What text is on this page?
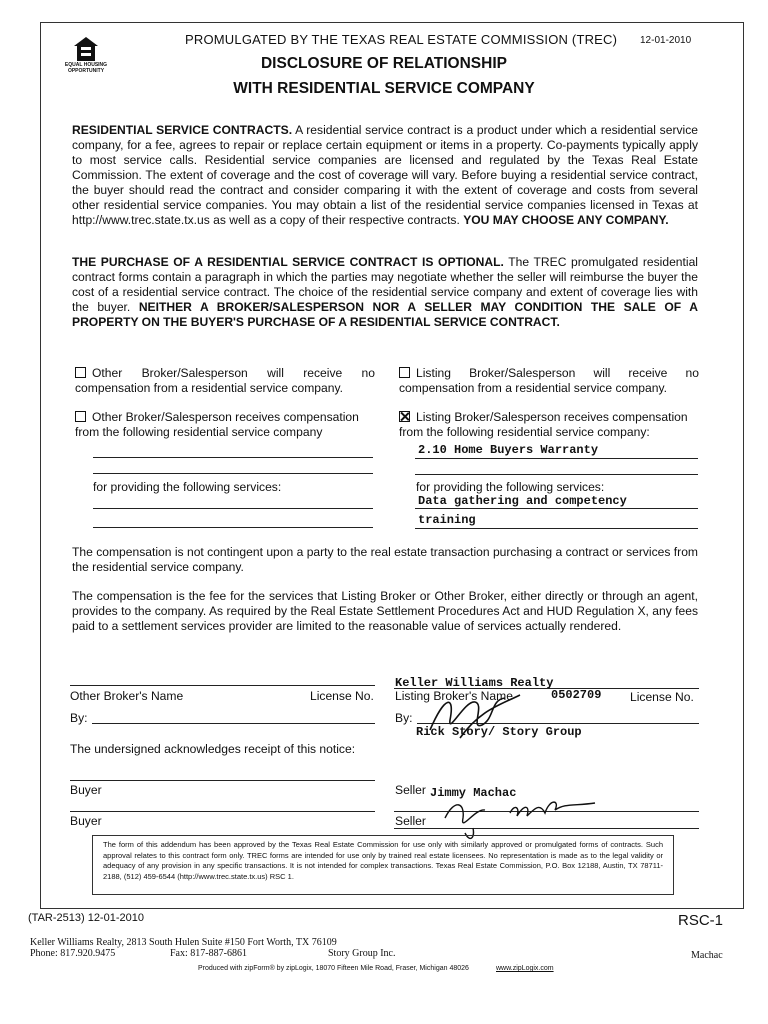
EQUAL HOUSING
OPPORTUNITY
PROMULGATED BY THE TEXAS REAL ESTATE COMMISSION (TREC) 12-01-2010
DISCLOSURE OF RELATIONSHIP
WITH RESIDENTIAL SERVICE COMPANY
RESIDENTIAL SERVICE CONTRACTS. A residential service contract is a product under which a residential service company, for a fee, agrees to repair or replace certain equipment or items in a property. Co-payments typically apply to most service calls. Residential service companies are licensed and regulated by the Texas Real Estate Commission. The extent of coverage and the cost of coverage will vary. Before buying a residential service contract, the buyer should read the contract and consider comparing it with the extent of coverage and costs from several other residential service companies. You may obtain a list of the residential service companies licensed in Texas at http://www.trec.state.tx.us as well as a copy of their respective contracts. YOU MAY CHOOSE ANY COMPANY.
THE PURCHASE OF A RESIDENTIAL SERVICE CONTRACT IS OPTIONAL. The TREC promulgated residential contract forms contain a paragraph in which the parties may negotiate whether the seller will reimburse the buyer the cost of a residential service contract. The choice of the residential service company and extent of coverage lies with the buyer. NEITHER A BROKER/SALESPERSON NOR A SELLER MAY CONDITION THE SALE OF A PROPERTY ON THE BUYER'S PURCHASE OF A RESIDENTIAL SERVICE CONTRACT.
Other Broker/Salesperson will receive no compensation from a residential service company.
Listing Broker/Salesperson will receive no compensation from a residential service company.
Other Broker/Salesperson receives compensation from the following residential service company
Listing Broker/Salesperson receives compensation from the following residential service company:
2.10 Home Buyers Warranty
for providing the following services:	for providing the following services:
Data gathering and competency
training
The compensation is not contingent upon a party to the real estate transaction purchasing a contract or services from the residential service company.
The compensation is the fee for the services that Listing Broker or Other Broker, either directly or through an agent, provides to the company. As required by the Real Estate Settlement Procedures Act and HUD Regulation X, any fees paid to a settlement services provider are limited to the reasonable value of services actually rendered.
Other Broker's Name	License No.
By:
Keller Williams Realty
Listing Broker's Name	0502709 License No.
By:
Rick Story/ Story Group
The undersigned acknowledges receipt of this notice:
Buyer
Buyer
Seller Jimmy Machac
Seller
The form of this addendum has been approved by the Texas Real Estate Commission for use only with similarly approved or promulgated forms of contracts. Such approval relates to this contract form only. TREC forms are intended for use only by trained real estate licensees. No representation is made as to the legal validity or adequacy of any provision in any specific transactions. It is not intended for complex transactions. Texas Real Estate Commission, P.O. Box 12188, Austin, TX 78711-2188, (512) 459-6544 (http://www.trec.state.tx.us) RSC 1.
(TAR-2513) 12-01-2010	RSC-1
Keller Williams Realty, 2813 South Hulen Suite #150 Fort Worth, TX 76109
Phone: 817.920.9475	Fax: 817-887-6861	Story Group Inc.	Machac
Produced with zipForm® by zipLogix, 18070 Fifteen Mile Road, Fraser, Michigan 48026	www.zipLogix.com
